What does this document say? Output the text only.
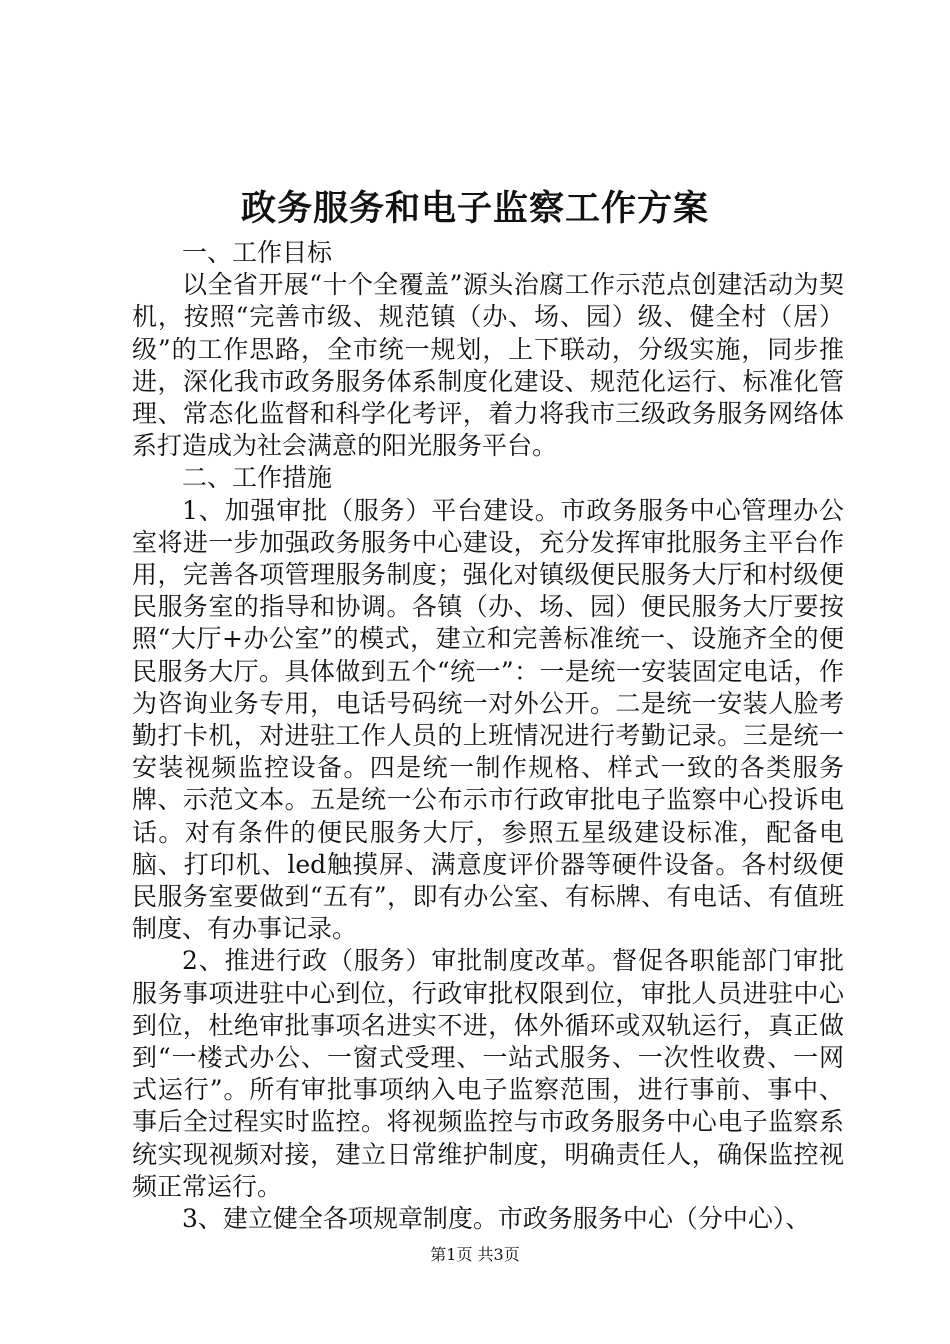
政务服务和电子监察工作方案

一、工作目标

以全省开展“十个全覆盖”源头治腐工作示范点创建活动为契机，按照“完善市级、规范镇（办、场、园）级、健全村（居）级”的工作思路，全市统一规划，上下联动，分级实施，同步推进，深化我市政务服务体系制度化建设、规范化运行、标准化管理、常态化监督和科学化考评，着力将我市三级政务服务网络体系打造成为社会满意的阳光服务平台。

二、工作措施

1、加强审批（服务）平台建设。市政务服务中心管理办公室将进一步加强政务服务中心建设，充分发挥审批服务主平台作用，完善各项管理服务制度；强化对镇级便民服务大厅和村级便民服务室的指导和协调。各镇（办、场、园）便民服务大厅要按照“大厅+办公室”的模式，建立和完善标准统一、设施齐全的便民服务大厅。具体做到五个“统一”：一是统一安装固定电话，作为咨询业务专用，电话号码统一对外公开。二是统一安装人脸考勤打卡机，对进驻工作人员的上班情况进行考勤记录。三是统一安装视频监控设备。四是统一制作规格、样式一致的各类服务牌、示范文本。五是统一公布示市行政审批电子监察中心投诉电话。对有条件的便民服务大厅，参照五星级建设标准，配备电脑、打印机、led触摸屏、满意度评价器等硬件设备。各村级便民服务室要做到“五有”，即有办公室、有标牌、有电话、有值班制度、有办事记录。

2、推进行政（服务）审批制度改革。督促各职能部门审批服务事项进驻中心到位，行政审批权限到位，审批人员进驻中心到位，杜绝审批事项名进实不进，体外循环或双轨运行，真正做到“一楼式办公、一窗式受理、一站式服务、一次性收费、一网式运行”。所有审批事项纳入电子监察范围，进行事前、事中、事后全过程实时监控。将视频监控与市政务服务中心电子监察系统实现视频对接，建立日常维护制度，明确责任人，确保监控视频正常运行。

3、建立健全各项规章制度。市政务服务中心（分中心）、

第1页 共3页
